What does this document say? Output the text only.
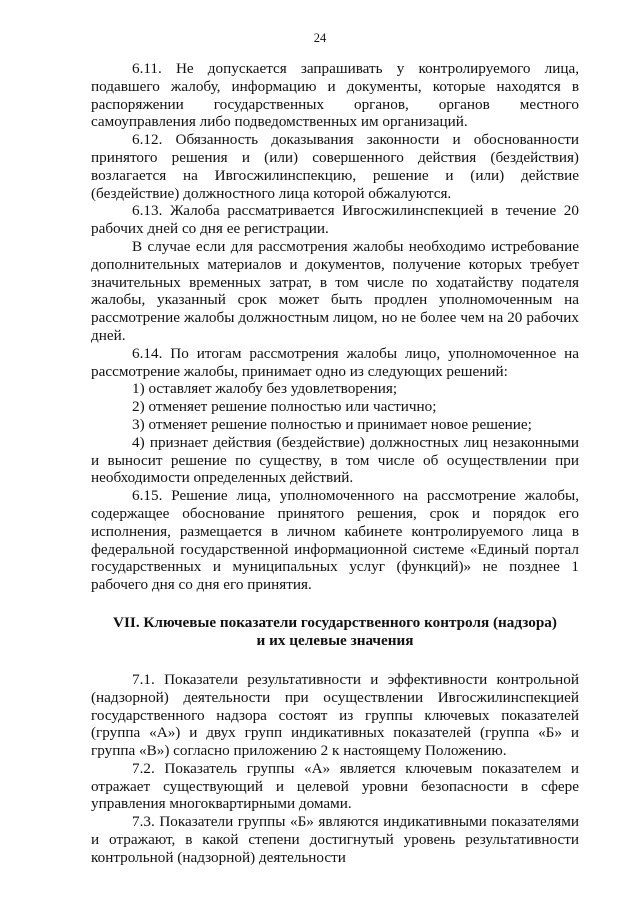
24

6.11. Не допускается запрашивать у контролируемого лица, подавшего жалобу, информацию и документы, которые находятся в распоряжении государственных органов, органов местного самоуправления либо подведомственных им организаций.

6.12. Обязанность доказывания законности и обоснованности принятого решения и (или) совершенного действия (бездействия) возлагается на Ивгосжилинспекцию, решение и (или) действие (бездействие) должностного лица которой обжалуются.

6.13. Жалоба рассматривается Ивгосжилинспекцией в течение 20 рабочих дней со дня ее регистрации.

В случае если для рассмотрения жалобы необходимо истребование дополнительных материалов и документов, получение которых требует значительных временных затрат, в том числе по ходатайству подателя жалобы, указанный срок может быть продлен уполномоченным на рассмотрение жалобы должностным лицом, но не более чем на 20 рабочих дней.

6.14. По итогам рассмотрения жалобы лицо, уполномоченное на рассмотрение жалобы, принимает одно из следующих решений:

1) оставляет жалобу без удовлетворения;

2) отменяет решение полностью или частично;

3) отменяет решение полностью и принимает новое решение;

4) признает действия (бездействие) должностных лиц незаконными и выносит решение по существу, в том числе об осуществлении при необходимости определенных действий.

6.15. Решение лица, уполномоченного на рассмотрение жалобы, содержащее обоснование принятого решения, срок и порядок его исполнения, размещается в личном кабинете контролируемого лица в федеральной государственной информационной системе «Единый портал государственных и муниципальных услуг (функций)» не позднее 1 рабочего дня со дня его принятия.

VII. Ключевые показатели государственного контроля (надзора)
и их целевые значения

7.1. Показатели результативности и эффективности контрольной (надзорной) деятельности при осуществлении Ивгосжилинспекцией государственного надзора состоят из группы ключевых показателей (группа «А») и двух групп индикативных показателей (группа «Б» и группа «В») согласно приложению 2 к настоящему Положению.

7.2. Показатель группы «А» является ключевым показателем и отражает существующий и целевой уровни безопасности в сфере управления многоквартирными домами.

7.3. Показатели группы «Б» являются индикативными показателями и отражают, в какой степени достигнутый уровень результативности контрольной (надзорной) деятельности
